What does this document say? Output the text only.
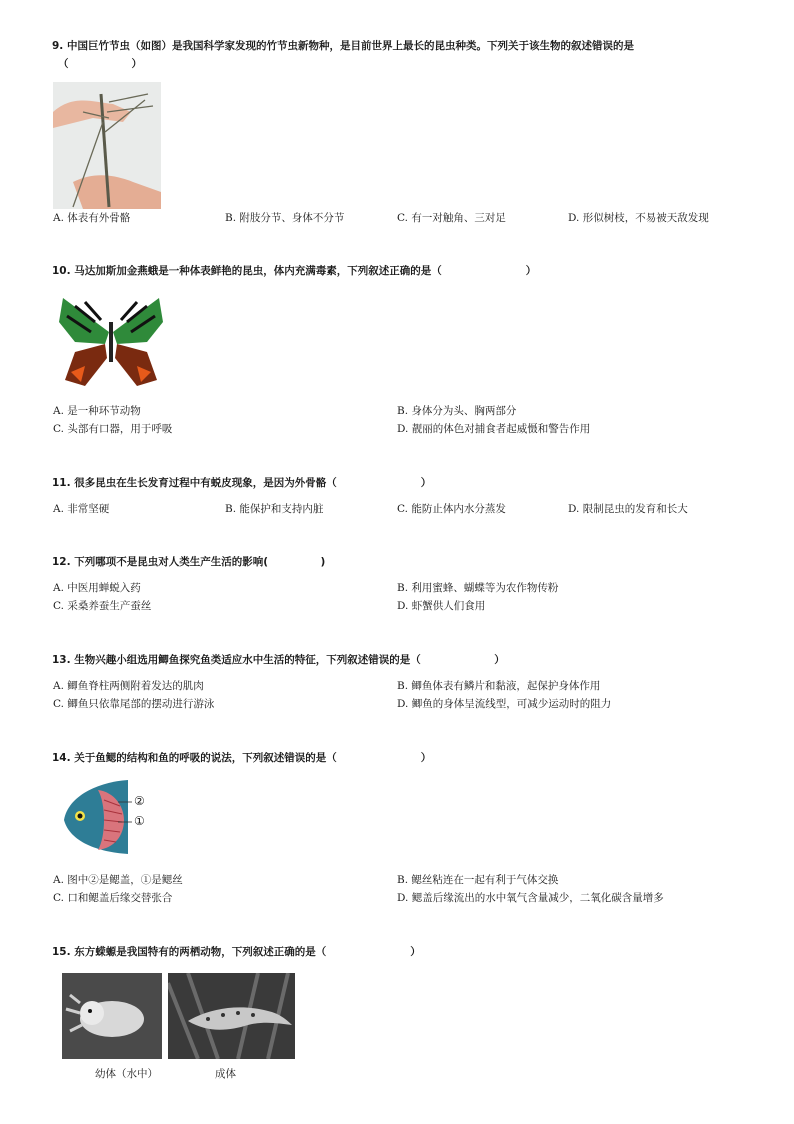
9. 中国巨竹节虫（如图）是我国科学家发现的竹节虫新物种，是目前世界上最长的昆虫种类。下列关于该生物的叙述错误的是
（　　　　　　）
A. 体表有外骨骼	B. 附肢分节、身体不分节	C. 有一对触角、三对足	D. 形似树枝，不易被天敌发现
10. 马达加斯加金燕蛾是一种体表鲜艳的昆虫，体内充满毒素，下列叙述正确的是（　　　　　　　　）
A. 是一种环节动物	B. 身体分为头、胸两部分
C. 头部有口器，用于呼吸	D. 靓丽的体色对捕食者起威慑和警告作用
11. 很多昆虫在生长发育过程中有蜕皮现象，是因为外骨骼（　　　　　　　　）
A. 非常坚硬	B. 能保护和支持内脏	C. 能防止体内水分蒸发	D. 限制昆虫的发育和长大
12. 下列哪项不是昆虫对人类生产生活的影响(　　　　　)
A. 中医用蝉蜕入药	B. 利用蜜蜂、蝴蝶等为农作物传粉
C. 采桑养蚕生产蚕丝	D. 虾蟹供人们食用
13. 生物兴趣小组选用鲫鱼探究鱼类适应水中生活的特征，下列叙述错误的是（　　　　　　　）
A. 鲫鱼脊柱两侧附着发达的肌肉	B. 鲫鱼体表有鳞片和黏液，起保护身体作用
C. 鲫鱼只依靠尾部的摆动进行游泳	D. 鲫鱼的身体呈流线型，可减少运动时的阻力
14. 关于鱼鳃的结构和鱼的呼吸的说法，下列叙述错误的是（　　　　　　　　）
②
①
A. 图中②是鳃盖，①是鳃丝	B. 鳃丝粘连在一起有利于气体交换
C. 口和鳃盖后缘交替张合	D. 鳃盖后缘流出的水中氧气含量减少，二氧化碳含量增多
15. 东方蝾螈是我国特有的两栖动物，下列叙述正确的是（　　　　　　　　）
幼体（水中）	成体
